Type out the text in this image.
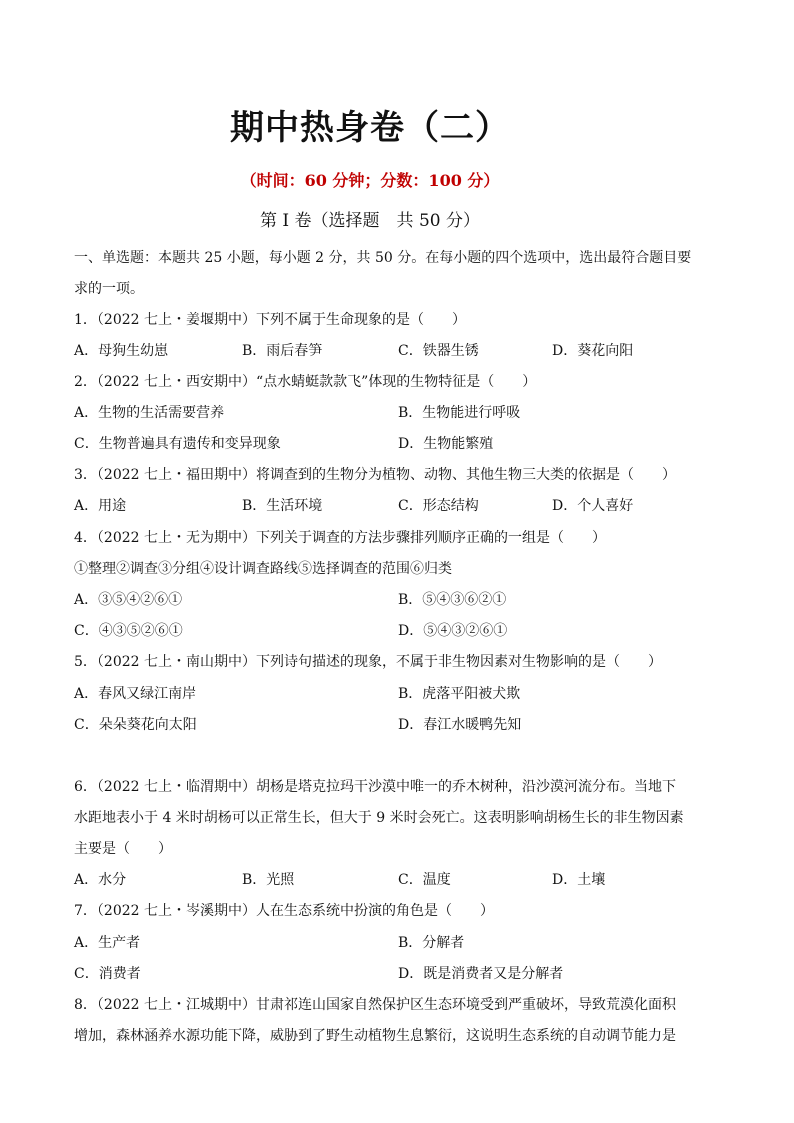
期中热身卷（二）
（时间：60 分钟；分数：100 分）
第 I 卷（选择题　共 50 分）
一、单选题：本题共 25 小题，每小题 2 分，共 50 分。在每小题的四个选项中，选出最符合题目要
求的一项。
1．（2022 七上・姜堰期中）下列不属于生命现象的是（　　）
A．母狗生幼崽	B．雨后春笋	C．铁器生锈	D．葵花向阳
2．（2022 七上・西安期中）“点水蜻蜓款款飞”体现的生物特征是（　　）
A．生物的生活需要营养	B．生物能进行呼吸
C．生物普遍具有遗传和变异现象	D．生物能繁殖
3．（2022 七上・福田期中）将调查到的生物分为植物、动物、其他生物三大类的依据是（　　）
A．用途	B．生活环境	C．形态结构	D．个人喜好
4．（2022 七上・无为期中）下列关于调查的方法步骤排列顺序正确的一组是（　　）
①整理②调查③分组④设计调查路线⑤选择调查的范围⑥归类
A．③⑤④②⑥①	B．⑤④③⑥②①
C．④③⑤②⑥①	D．⑤④③②⑥①
5．（2022 七上・南山期中）下列诗句描述的现象，不属于非生物因素对生物影响的是（　　）
A．春风又绿江南岸	B．虎落平阳被犬欺
C．朵朵葵花向太阳	D．春江水暖鸭先知
6．（2022 七上・临渭期中）胡杨是塔克拉玛干沙漠中唯一的乔木树种，沿沙漠河流分布。当地下
水距地表小于 4 米时胡杨可以正常生长，但大于 9 米时会死亡。这表明影响胡杨生长的非生物因素
主要是（　　）
A．水分	B．光照	C．温度	D．土壤
7．（2022 七上・岑溪期中）人在生态系统中扮演的角色是（　　）
A．生产者	B．分解者
C．消费者	D．既是消费者又是分解者
8．（2022 七上・江城期中）甘肃祁连山国家自然保护区生态环境受到严重破坏，导致荒漠化面积
增加，森林涵养水源功能下降，威胁到了野生动植物生息繁衍，这说明生态系统的自动调节能力是
